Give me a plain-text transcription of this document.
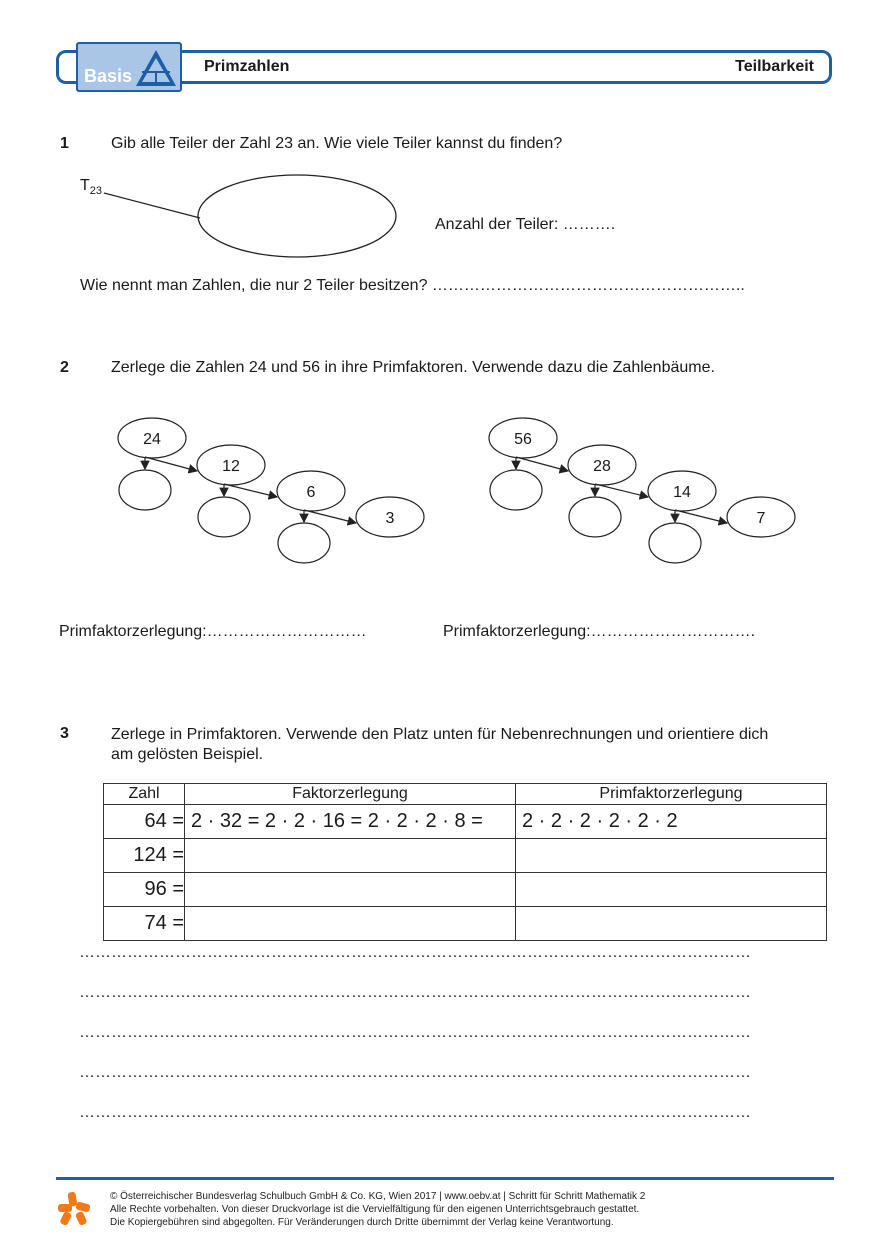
Basis	Primzahlen	Teilbarkeit
1	Gib alle Teiler der Zahl 23 an. Wie viele Teiler kannst du finden?
$T_{23}$
Anzahl der Teiler: ……….
Wie nennt man Zahlen, die nur 2 Teiler besitzen? …………………………………………………..
2	Zerlege die Zahlen 24 und 56 in ihre Primfaktoren. Verwende dazu die Zahlenbäume.
24
12
6
3
56
28
14
7
Primfaktorzerlegung:…………………………	Primfaktorzerlegung:………………………….
3	Zerlege in Primfaktoren. Verwende den Platz unten für Nebenrechnungen und orientiere dich
am gelösten Beispiel.
Zahl	Faktorzerlegung	Primfaktorzerlegung
64 =	2 · 32 = 2 · 2 · 16 = 2 · 2 · 2 · 8 =	2 · 2 · 2 · 2 · 2 · 2
124 =		
96 =		
74 =		
………………………………………………………………………………………………………………
………………………………………………………………………………………………………………
………………………………………………………………………………………………………………
………………………………………………………………………………………………………………
………………………………………………………………………………………………………………
© Österreichischer Bundesverlag Schulbuch GmbH & Co. KG, Wien 2017 | www.oebv.at | Schritt für Schritt Mathematik 2
Alle Rechte vorbehalten. Von dieser Druckvorlage ist die Vervielfältigung für den eigenen Unterrichtsgebrauch gestattet.
Die Kopiergebühren sind abgegolten. Für Veränderungen durch Dritte übernimmt der Verlag keine Verantwortung.
